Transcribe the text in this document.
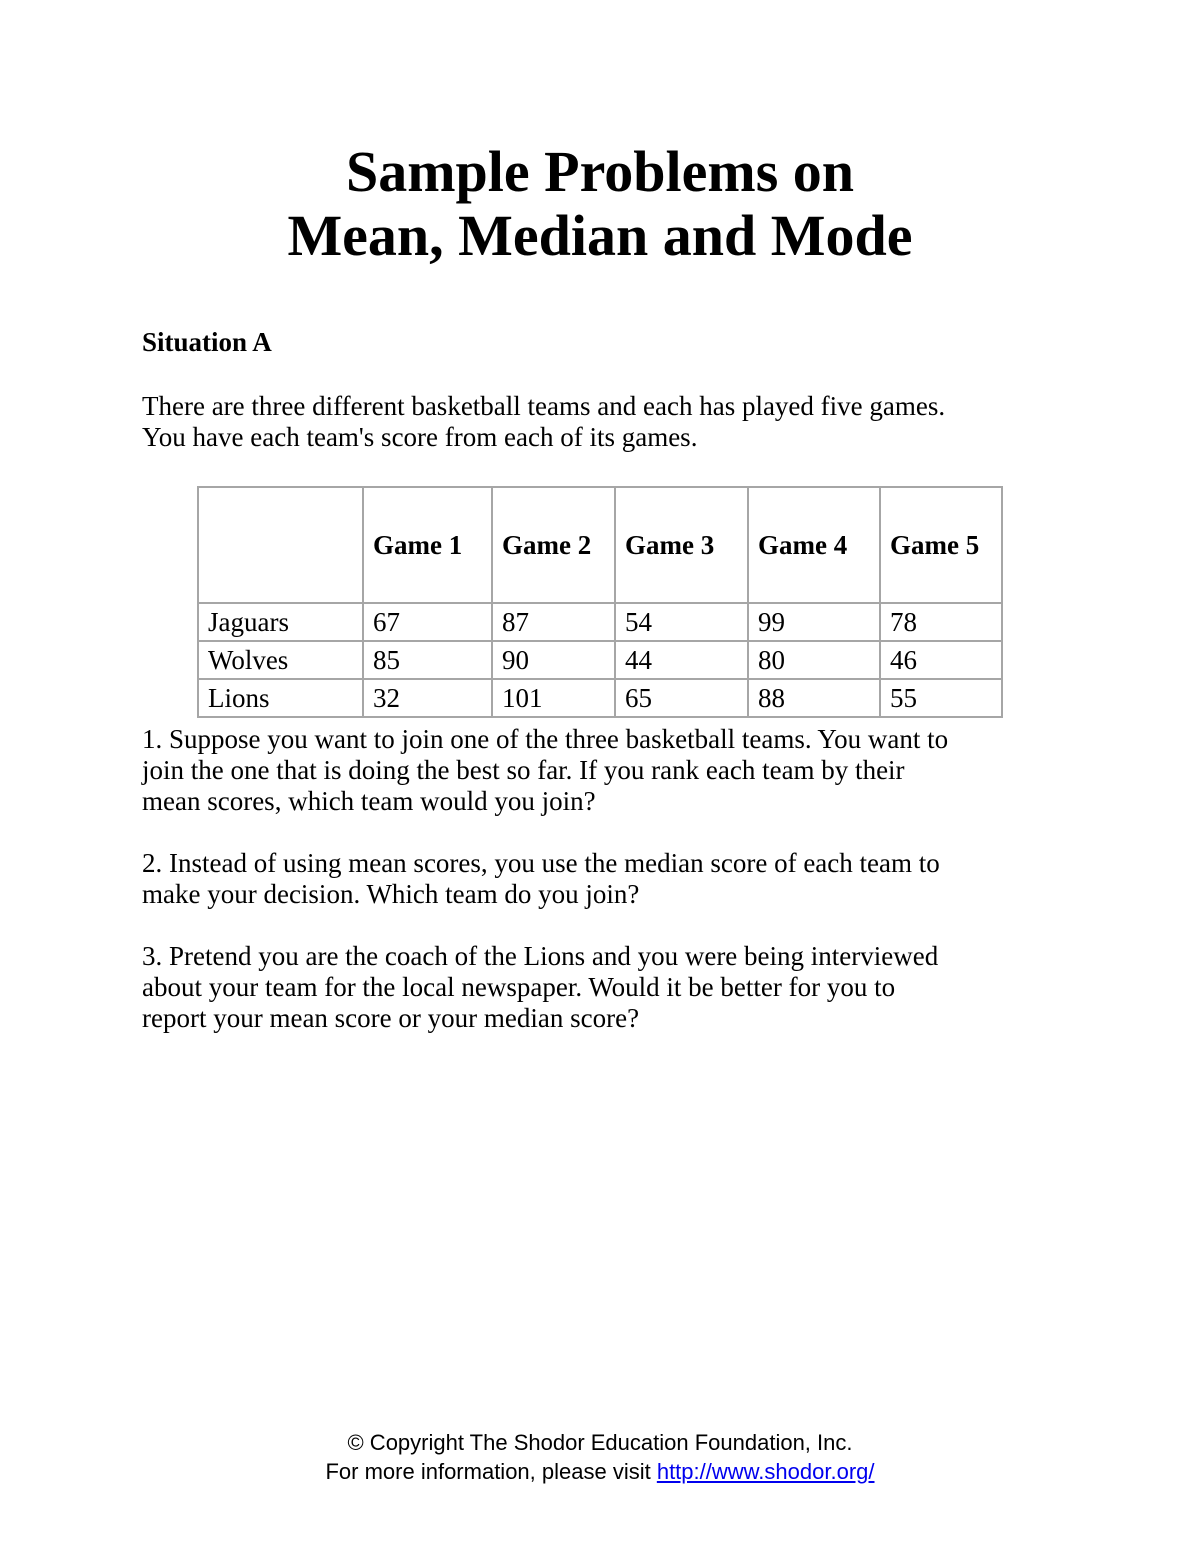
Sample Problems on
Mean, Median and Mode
Situation A
There are three different basketball teams and each has played five games.
You have each team's score from each of its games.
	Game 1	Game 2	Game 3	Game 4	Game 5
Jaguars	67	87	54	99	78
Wolves	85	90	44	80	46
Lions	32	101	65	88	55
1. Suppose you want to join one of the three basketball teams. You want to
join the one that is doing the best so far. If you rank each team by their
mean scores, which team would you join?
2. Instead of using mean scores, you use the median score of each team to
make your decision. Which team do you join?
3. Pretend you are the coach of the Lions and you were being interviewed
about your team for the local newspaper. Would it be better for you to
report your mean score or your median score?
© Copyright The Shodor Education Foundation, Inc.
For more information, please visit http://www.shodor.org/
